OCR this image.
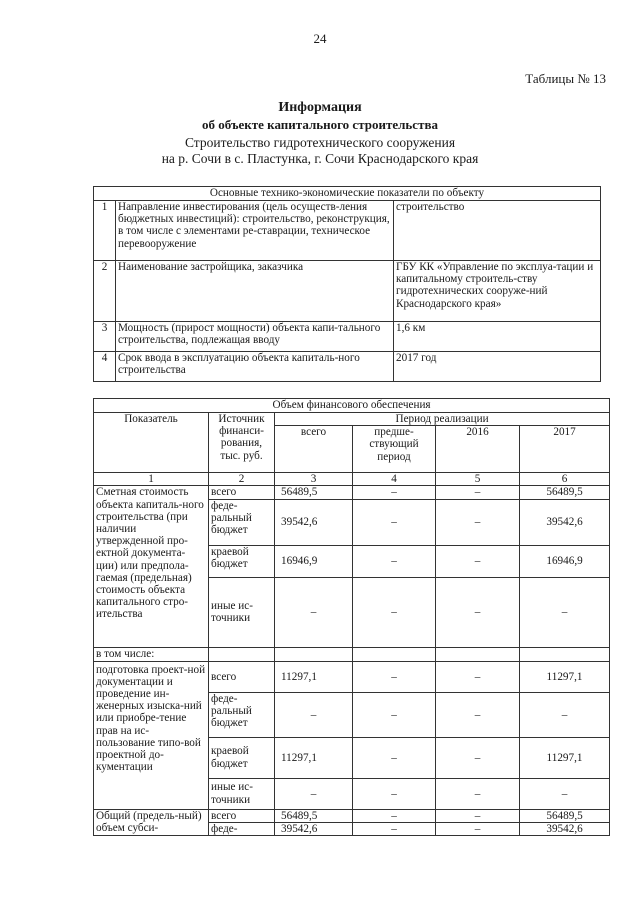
24
Таблицы № 13
Информация
об объекте капитального строительства
Строительство гидротехнического сооружения
на р. Сочи в с. Пластунка, г. Сочи Краснодарского края
Основные технико-экономические показатели по объекту		
1	Направление инвестирования (цель осуществ-ления бюджетных инвестиций): строительство, реконструкция, в том числе с элементами ре-ставрации, техническое перевооружение	строительство
2	Наименование застройщика, заказчика	ГБУ КК «Управление по эксплуа-тации и капитальному строитель-ству гидротехнических сооруже-ний Краснодарского края»
3	Мощность (прирост мощности) объекта капи-тального строительства, подлежащая вводу	1,6 км
4	Срок ввода в эксплуатацию объекта капиталь-ного строительства	2017 год
Объем финансового обеспечения					
Показатель	Источник финанси-рования, тыс. руб.	Период реализации			
		всего	предше-ствующий период	2016	2017
1	2	3	4	5	6
Сметная стоимость объекта капиталь-ного строительства (при наличии утвержденной про-ектной документа-ции) или предпола-гаемая (предельная) стоимость объекта капитального стро-ительства	всего	56489,5	–	–	56489,5
	феде-ральный бюджет	39542,6	–	–	39542,6
	краевой бюджет	16946,9	–	–	16946,9
	иные ис-точники	–	–	–	–
в том числе:					
подготовка проект-ной документации и проведение ин-женерных изыска-ний или приобре-тение прав на ис-пользование типо-вой проектной до-кументации	всего	11297,1	–	–	11297,1
	феде-ральный бюджет	–	–	–	–
	краевой бюджет	11297,1	–	–	11297,1
	иные ис-точники	–	–	–	–
Общий (предель-ный) объем субси-	всего	56489,5	–	–	56489,5
	феде-	39542,6	–	–	39542,6
